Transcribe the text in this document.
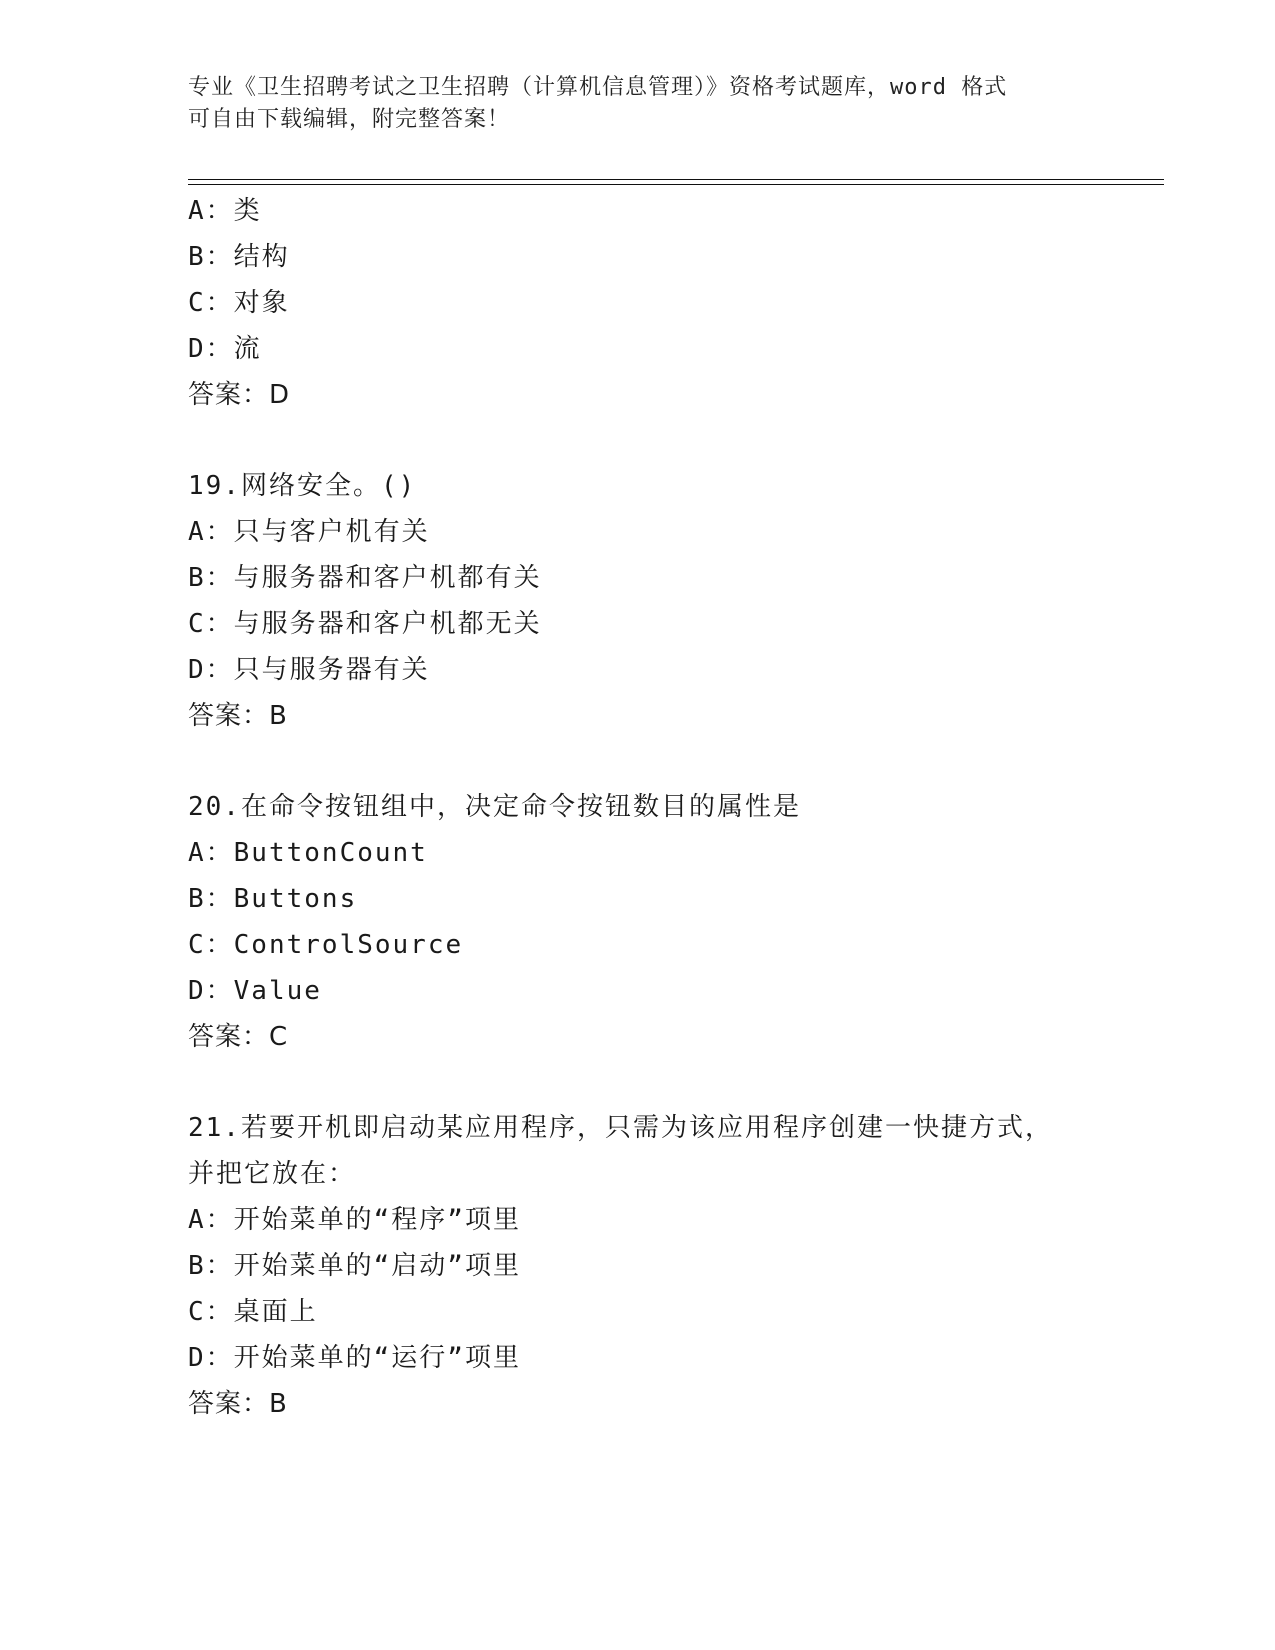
专业《卫生招聘考试之卫生招聘（计算机信息管理）》资格考试题库，word 格式
可自由下载编辑，附完整答案！
A：类
B：结构
C：对象
D：流
答案：D
19.网络安全。()
A：只与客户机有关
B：与服务器和客户机都有关
C：与服务器和客户机都无关
D：只与服务器有关
答案：B
20.在命令按钮组中，决定命令按钮数目的属性是
A：ButtonCount
B：Buttons
C：ControlSource
D：Value
答案：C
21.若要开机即启动某应用程序，只需为该应用程序创建一快捷方式，
并把它放在：
A：开始菜单的“程序”项里
B：开始菜单的“启动”项里
C：桌面上
D：开始菜单的“运行”项里
答案：B
